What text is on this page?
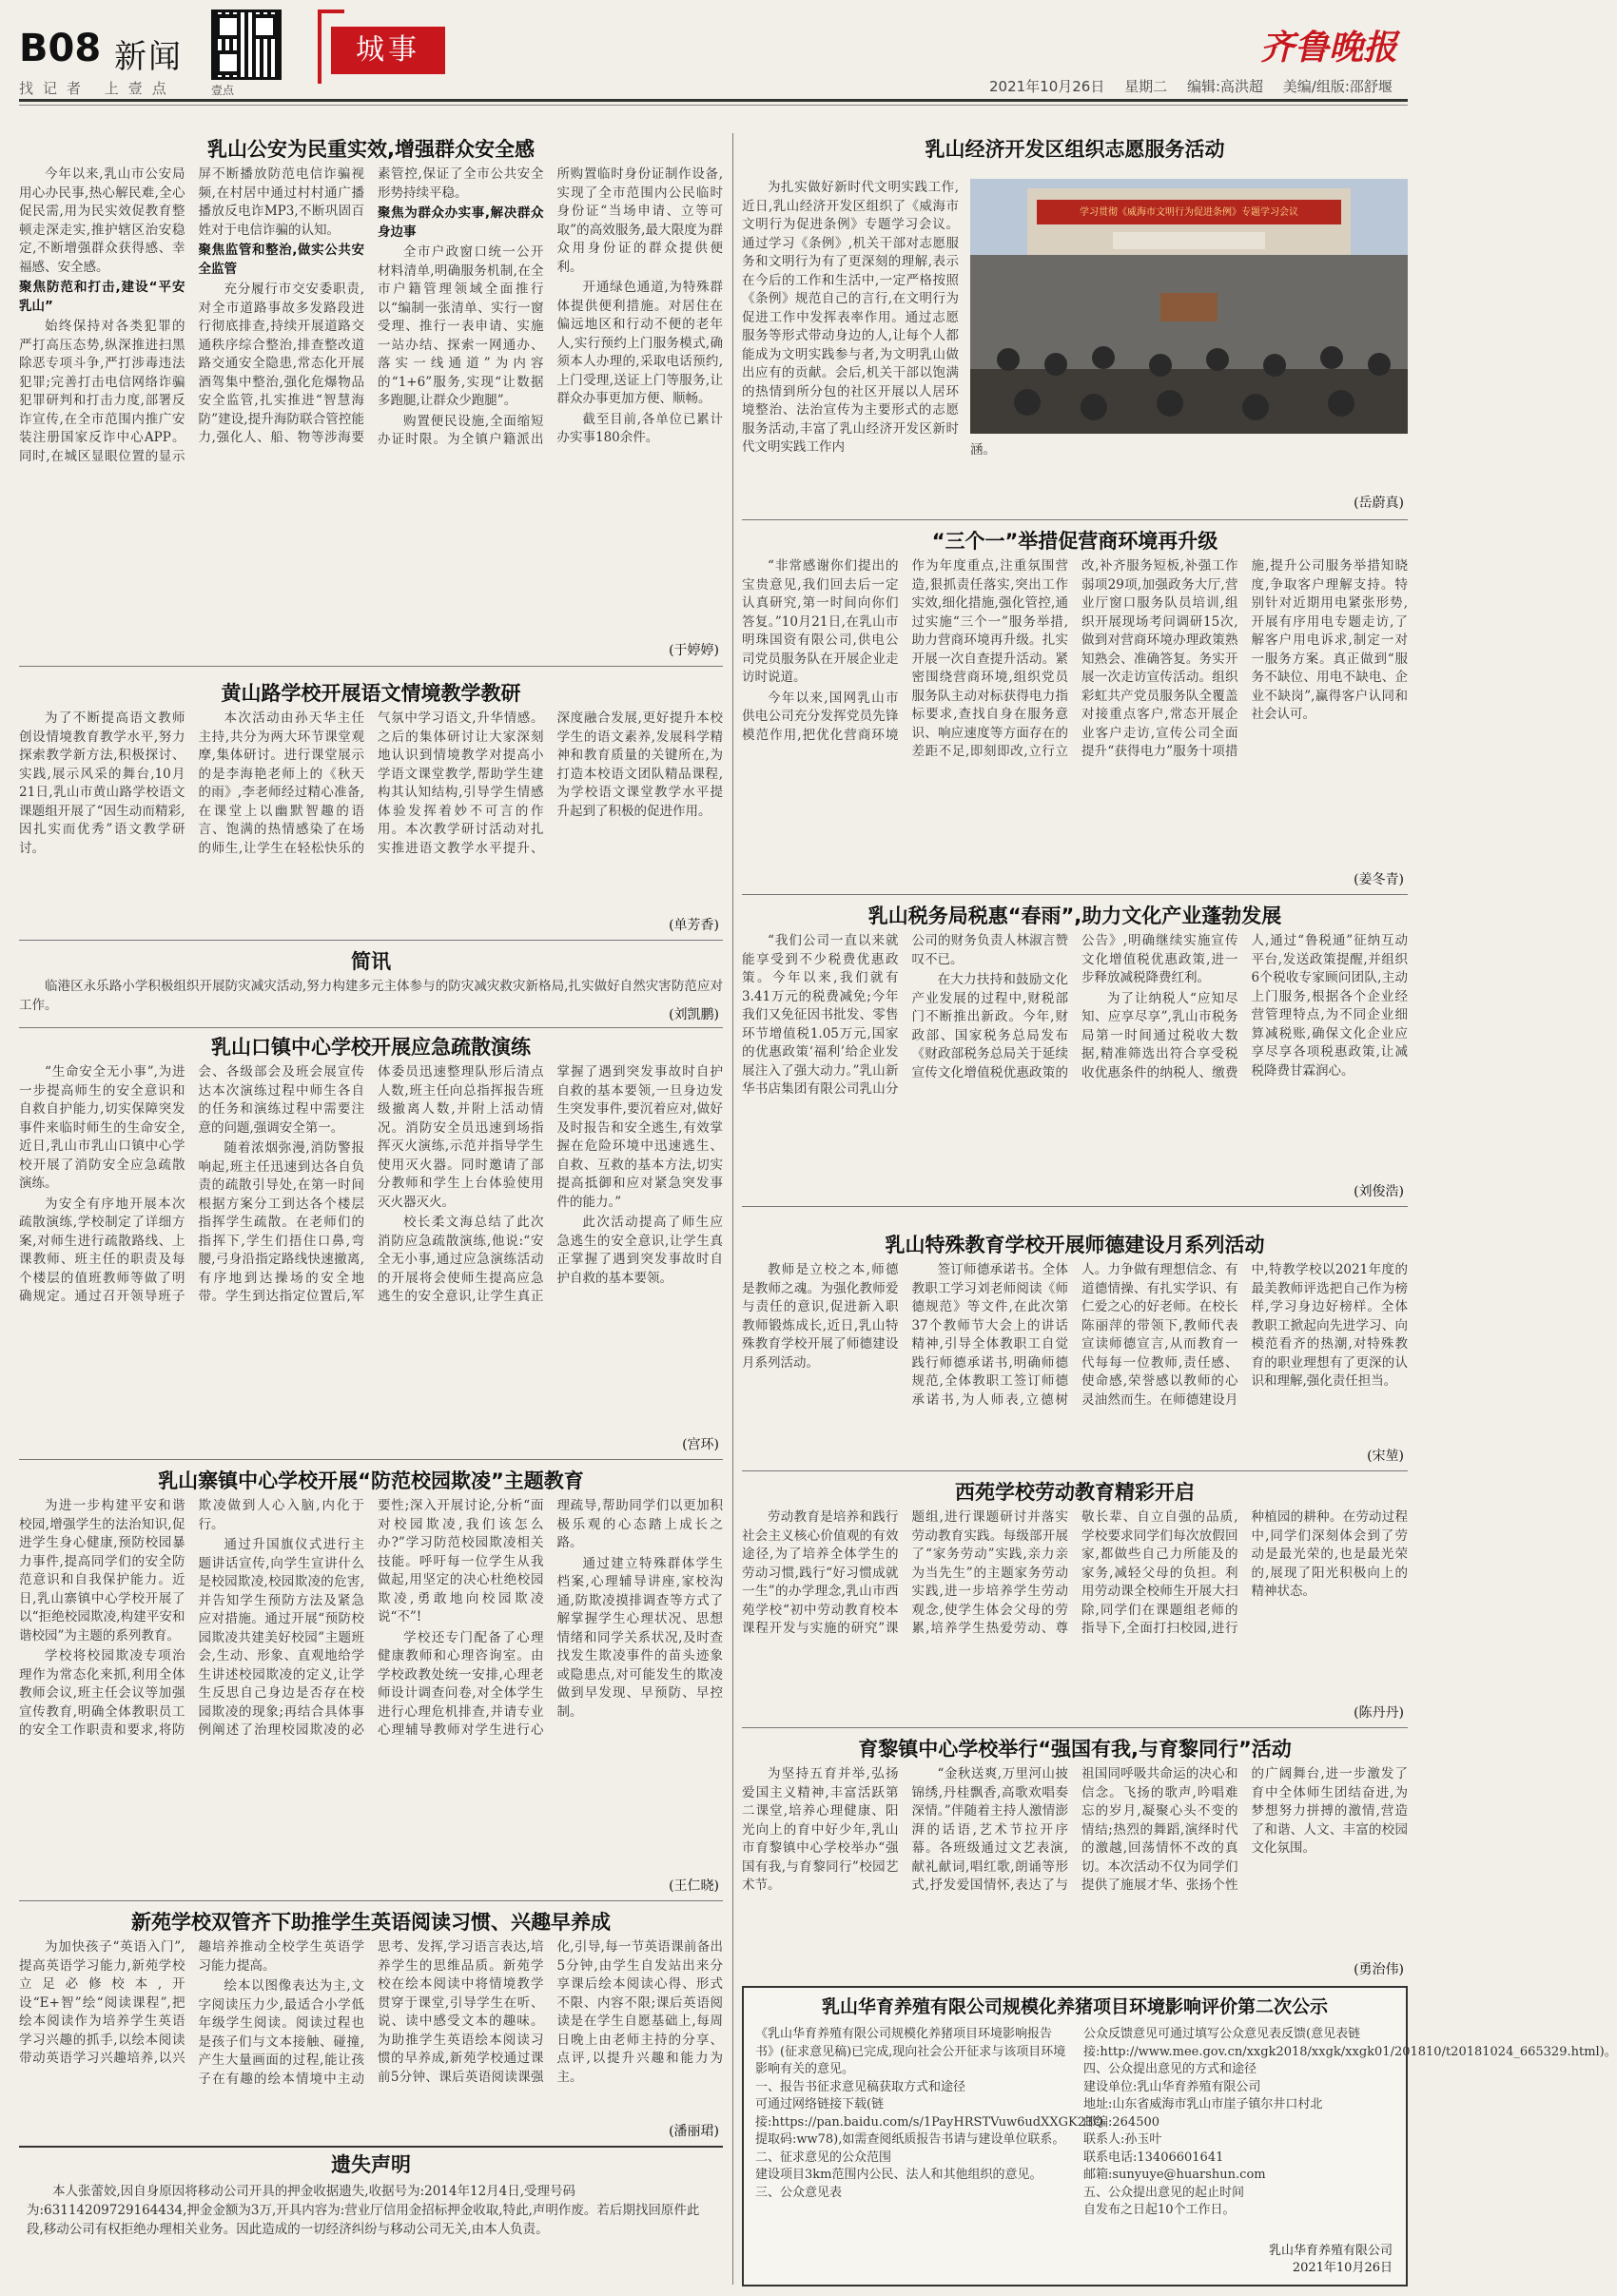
B08 新闻
找记者 上壹点	壹点
城事	齐鲁晚报
2021年10月26日 星期二 编辑:高洪超 美编/组版:邵舒堰
乳山公安为民重实效,增强群众安全感

今年以来,乳山市公安局用心办民事,热心解民难,全心促民需,用为民实效促教育整顿走深走实,推护辖区治安稳定,不断增强群众获得感、幸福感、安全感。

聚焦防范和打击,建设“平安乳山”

始终保持对各类犯罪的严打高压态势,纵深推进扫黑除恶专项斗争,严打涉毒违法犯罪;完善打击电信网络诈骗犯罪研判和打击力度,部署反诈宣传,在全市范围内推广安装注册国家反诈中心APP。同时,在城区显眼位置的显示屏不断播放防范电信诈骗视频,在村居中通过村村通广播播放反电诈MP3,不断巩固百姓对于电信诈骗的认知。

聚焦监管和整治,做实公共安全监管

充分履行市交安委职责,对全市道路事故多发路段进行彻底排查,持续开展道路交通秩序综合整治,排查整改道路交通安全隐患,常态化开展酒驾集中整治,强化危爆物品安全监管,扎实推进“智慧海防”建设,提升海防联合管控能力,强化人、船、物等涉海要素管控,保证了全市公共安全形势持续平稳。

聚焦为群众办实事,解决群众身边事

全市户政窗口统一公开材料清单,明确服务机制,在全市户籍管理领域全面推行以“编制一张清单、实行一窗受理、推行一表申请、实施一站办结、探索一网通办、落实一线通道”为内容的“1+6”服务,实现“让数据多跑腿,让群众少跑腿”。

购置便民设施,全面缩短办证时限。为全镇户籍派出所购置临时身份证制作设备,实现了全市范围内公民临时身份证“当场申请、立等可取”的高效服务,最大限度为群众用身份证的群众提供便利。

开通绿色通道,为特殊群体提供便利措施。对居住在偏远地区和行动不便的老年人,实行预约上门服务模式,确须本人办理的,采取电话预约,上门受理,送证上门等服务,让群众办事更加方便、顺畅。

截至目前,各单位已累计办实事180余件。

(于婷婷)
黄山路学校开展语文情境教学教研

为了不断提高语文教师创设情境教育教学水平,努力探索教学新方法,积极探讨、实践,展示风采的舞台,10月21日,乳山市黄山路学校语文课题组开展了“因生动而精彩,因扎实而优秀”语文教学研讨。

本次活动由孙天华主任主持,共分为两大环节课堂观摩,集体研讨。进行课堂展示的是李海艳老师上的《秋天的雨》,李老师经过精心准备,在课堂上以幽默智趣的语言、饱满的热情感染了在场的师生,让学生在轻松快乐的气氛中学习语文,升华情感。之后的集体研讨让大家深刻地认识到情境教学对提高小学语文课堂教学,帮助学生建构其认知结构,引导学生情感体验发挥着妙不可言的作用。本次教学研讨活动对扎实推进语文教学水平提升、深度融合发展,更好提升本校学生的语文素养,发展科学精神和教育质量的关键所在,为打造本校语文团队精品课程,为学校语文课堂教学水平提升起到了积极的促进作用。

(单芳香)
简讯

临港区永乐路小学积极组织开展防灾减灾活动,努力构建多元主体参与的防灾减灾救灾新格局,扎实做好自然灾害防范应对工作。

(刘凯鹏)
乳山口镇中心学校开展应急疏散演练

“生命安全无小事”,为进一步提高师生的安全意识和自救自护能力,切实保障突发事件来临时师生的生命安全,近日,乳山市乳山口镇中心学校开展了消防安全应急疏散演练。

为安全有序地开展本次疏散演练,学校制定了详细方案,对师生进行疏散路线、上课教师、班主任的职责及每个楼层的值班教师等做了明确规定。通过召开领导班子会、各级部会及班会展宣传达本次演练过程中师生各自的任务和演练过程中需要注意的问题,强调安全第一。

随着浓烟弥漫,消防警报响起,班主任迅速到达各自负责的疏散引导处,在第一时间根据方案分工到达各个楼层指挥学生疏散。在老师们的指挥下,学生们捂住口鼻,弯腰,弓身沿指定路线快速撤离,有序地到达操场的安全地带。学生到达指定位置后,军体委员迅速整理队形后清点人数,班主任向总指挥报告班级撤离人数,并附上活动情况。消防安全员迅速到场指挥灭火演练,示范并指导学生使用灭火器。同时邀请了部分教师和学生上台体验使用灭火器灭火。

校长柔文海总结了此次消防应急疏散演练,他说:“安全无小事,通过应急演练活动的开展将会使师生提高应急逃生的安全意识,让学生真正掌握了遇到突发事故时自护自救的基本要领,一旦身边发生突发事件,要沉着应对,做好及时报告和安全逃生,有效掌握在危险环境中迅速逃生、自救、互救的基本方法,切实提高抵御和应对紧急突发事件的能力。”

此次活动提高了师生应急逃生的安全意识,让学生真正掌握了遇到突发事故时自护自救的基本要领。

(宫环)
乳山寨镇中心学校开展“防范校园欺凌”主题教育

为进一步构建平安和谐校园,增强学生的法治知识,促进学生身心健康,预防校园暴力事件,提高同学们的安全防范意识和自我保护能力。近日,乳山寨镇中心学校开展了以“拒绝校园欺凌,构建平安和谐校园”为主题的系列教育。

学校将校园欺凌专项治理作为常态化来抓,利用全体教师会议,班主任会议等加强宣传教育,明确全体教职员工的安全工作职责和要求,将防欺凌做到人心入脑,内化于行。

通过升国旗仪式进行主题讲话宣传,向学生宣讲什么是校园欺凌,校园欺凌的危害,并告知学生预防方法及紧急应对措施。通过开展“预防校园欺凌共建美好校园”主题班会,生动、形象、直观地给学生讲述校园欺凌的定义,让学生反思自己身边是否存在校园欺凌的现象;再结合具体事例阐述了治理校园欺凌的必要性;深入开展讨论,分析“面对校园欺凌,我们该怎么办?”学习防范校园欺凌相关技能。呼吁每一位学生从我做起,用坚定的决心杜绝校园欺凌,勇敢地向校园欺凌说“不”!

学校还专门配备了心理健康教师和心理咨询室。由学校政教处统一安排,心理老师设计调查问卷,对全体学生进行心理危机排查,并请专业心理辅导教师对学生进行心理疏导,帮助同学们以更加积极乐观的心态踏上成长之路。

通过建立特殊群体学生档案,心理辅导讲座,家校沟通,防欺凌摸排调查等方式了解掌握学生心理状况、思想情绪和同学关系状况,及时查找发生欺凌事件的苗头迹象或隐患点,对可能发生的欺凌做到早发现、早预防、早控制。

(王仁晓)
新苑学校双管齐下助推学生英语阅读习惯、兴趣早养成

为加快孩子“英语入门”,提高英语学习能力,新苑学校立足必修校本,开设“E+智”绘“阅读课程”,把绘本阅读作为培养学生英语学习兴趣的抓手,以绘本阅读带动英语学习兴趣培养,以兴趣培养推动全校学生英语学习能力提高。

绘本以图像表达为主,文字阅读压力少,最适合小学低年级学生阅读。阅读过程也是孩子们与文本接触、碰撞,产生大量画面的过程,能让孩子在有趣的绘本情境中主动思考、发挥,学习语言表达,培养学生的思维品质。新苑学校在绘本阅读中将情境教学贯穿于课堂,引导学生在听、说、读中感受文本的趣味。为助推学生英语绘本阅读习惯的早养成,新苑学校通过课前5分钟、课后英语阅读课强化,引导,每一节英语课前备出5分钟,由学生自发站出来分享课后绘本阅读心得、形式不限、内容不限;课后英语阅读是在学生自愿基础上,每周日晚上由老师主持的分享、点评,以提升兴趣和能力为主。

(潘丽珺)
遗失声明

本人张蕾姣,因自身原因将移动公司开具的押金收据遗失,收据号为:2014年12月4日,受理号码为:63114209729164434,押金金额为3万,开具内容为:营业厅信用金招标押金收取,特此,声明作废。若后期找回原件此段,移动公司有权拒绝办理相关业务。因此造成的一切经济纠纷与移动公司无关,由本人负责。

乳山经济开发区组织志愿服务活动

为扎实做好新时代文明实践工作,近日,乳山经济开发区组织了《威海市文明行为促进条例》专题学习会议。通过学习《条例》,机关干部对志愿服务和文明行为有了更深刻的理解,表示在今后的工作和生活中,一定严格按照《条例》规范自己的言行,在文明行为促进工作中发挥表率作用。通过志愿服务等形式带动身边的人,让每个人都能成为文明实践参与者,为文明乳山做出应有的贡献。会后,机关干部以饱满的热情到所分包的社区开展以人居环境整治、法治宣传为主要形式的志愿服务活动,丰富了乳山经济开发区新时代文明实践工作内	涵。

学习贯彻《威海市文明行为促进条例》专题学习会议
(岳蔚真)
“三个一”举措促营商环境再升级

“非常感谢你们提出的宝贵意见,我们回去后一定认真研究,第一时间向你们答复。”10月21日,在乳山市明珠国资有限公司,供电公司党员服务队在开展企业走访时说道。

今年以来,国网乳山市供电公司充分发挥党员先锋模范作用,把优化营商环境作为年度重点,注重氛围营造,狠抓责任落实,突出工作实效,细化措施,强化管控,通过实施“三个一”服务举措,助力营商环境再升级。扎实开展一次自查提升活动。紧密围绕营商环境,组织党员服务队主动对标获得电力指标要求,查找自身在服务意识、响应速度等方面存在的差距不足,即刻即改,立行立改,补齐服务短板,补强工作弱项29项,加强政务大厅,营业厅窗口服务队员培训,组织开展现场考问调研15次,做到对营商环境办理政策熟知熟会、准确答复。务实开展一次走访宣传活动。组织彩虹共产党员服务队全覆盖对接重点客户,常态开展企业客户走访,宣传公司全面提升“获得电力”服务十项措施,提升公司服务举措知晓度,争取客户理解支持。特别针对近期用电紧张形势,开展有序用电专题走访,了解客户用电诉求,制定一对一服务方案。真正做到“服务不缺位、用电不缺电、企业不缺岗”,赢得客户认同和社会认可。

(姜冬青)
乳山税务局税惠“春雨”,助力文化产业蓬勃发展

“我们公司一直以来就能享受到不少税费优惠政策。今年以来,我们就有3.41万元的税费减免;今年我们又免征因书批发、零售环节增值税1.05万元,国家的优惠政策‘福利’给企业发展注入了强大动力。”乳山新华书店集团有限公司乳山分公司的财务负责人林淑言赞叹不已。

在大力扶持和鼓励文化产业发展的过程中,财税部门不断推出新政。今年,财政部、国家税务总局发布《财政部税务总局关于延续宣传文化增值税优惠政策的公告》,明确继续实施宣传文化增值税优惠政策,进一步释放减税降费红利。

为了让纳税人“应知尽知、应享尽享”,乳山市税务局第一时间通过税收大数据,精准筛选出符合享受税收优惠条件的纳税人、缴费人,通过“鲁税通”征纳互动平台,发送政策提醒,并组织6个税收专家顾问团队,主动上门服务,根据各个企业经营管理特点,为不同企业细算减税账,确保文化企业应享尽享各项税惠政策,让减税降费甘霖润心。

(刘俊浩)
乳山特殊教育学校开展师德建设月系列活动

教师是立校之本,师德是教师之魂。为强化教师爱与责任的意识,促进新入职教师锻炼成长,近日,乳山特殊教育学校开展了师德建设月系列活动。

签订师德承诺书。全体教职工学习刘老师阅读《师德规范》等文件,在此次第37个教师节大会上的讲话精神,引导全体教职工自觉践行师德承诺书,明确师德规范,全体教职工签订师德承诺书,为人师表,立德树人。力争做有理想信念、有道德情操、有扎实学识、有仁爱之心的好老师。在校长陈丽萍的带领下,教师代表宣读师德宣言,从而教育一代每每一位教师,责任感、使命感,荣誉感以教师的心灵油然而生。在师德建设月中,特教学校以2021年度的最美教师评选把自己作为榜样,学习身边好榜样。全体教职工掀起向先进学习、向模范看齐的热潮,对特殊教育的职业理想有了更深的认识和理解,强化责任担当。

(宋堃)
西苑学校劳动教育精彩开启

劳动教育是培养和践行社会主义核心价值观的有效途径,为了培养全体学生的劳动习惯,践行“好习惯成就一生”的办学理念,乳山市西苑学校“初中劳动教育校本课程开发与实施的研究”课题组,进行课题研讨并落实劳动教育实践。每级部开展了“家务劳动”实践,亲力亲为当先生”的主题家务劳动实践,进一步培养学生劳动观念,使学生体会父母的劳累,培养学生热爱劳动、尊敬长辈、自立自强的品质,学校要求同学们每次放假回家,都做些自己力所能及的家务,减轻父母的负担。利用劳动课全校师生开展大扫除,同学们在课题组老师的指导下,全面打扫校园,进行种植园的耕种。在劳动过程中,同学们深刻体会到了劳动是最光荣的,也是最光荣的,展现了阳光积极向上的精神状态。

(陈丹丹)
育黎镇中心学校举行“强国有我,与育黎同行”活动

为坚持五育并举,弘扬爱国主义精神,丰富活跃第二课堂,培养心理健康、阳光向上的育中好少年,乳山市育黎镇中心学校举办“强国有我,与育黎同行”校园艺术节。

“金秋送爽,万里河山披锦绣,丹桂飘香,高歌欢唱奏深情。”伴随着主持人激情澎湃的话语,艺术节拉开序幕。各班级通过文艺表演,献礼献词,唱红歌,朗诵等形式,抒发爱国情怀,表达了与祖国同呼吸共命运的决心和信念。飞扬的歌声,吟唱难忘的岁月,凝聚心头不变的情结;热烈的舞蹈,演绎时代的激越,回荡情怀不改的真切。本次活动不仅为同学们提供了施展才华、张扬个性的广阔舞台,进一步激发了育中全体师生团结奋进,为梦想努力拼搏的激情,营造了和谐、人文、丰富的校园文化氛围。

(勇治伟)
乳山华育养殖有限公司规模化养猪项目环境影响评价第二次公示

《乳山华育养殖有限公司规模化养猪项目环境影响报告书》(征求意见稿)已完成,现向社会公开征求与该项目环境影响有关的意见。

一、报告书征求意见稿获取方式和途径

可通过网络链接下载(链接:https://pan.baidu.com/s/1PayHRSTVuw6udXXGK23Q提取码:ww78),如需查阅纸质报告书请与建设单位联系。

二、征求意见的公众范围

建设项目3km范围内公民、法人和其他组织的意见。

三、公众意见表

公众反馈意见可通过填写公众意见表反馈(意见表链接:http://www.mee.gov.cn/xxgk2018/xxgk/xxgk01/201810/t20181024_665329.html)。

四、公众提出意见的方式和途径

建设单位:乳山华育养殖有限公司

地址:山东省威海市乳山市崖子镇尔井口村北

邮编:264500

联系人:孙玉叶

联系电话:13406601641

邮箱:sunyuye@huarshun.com

五、公众提出意见的起止时间

自发布之日起10个工作日。

乳山华育养殖有限公司
2021年10月26日
